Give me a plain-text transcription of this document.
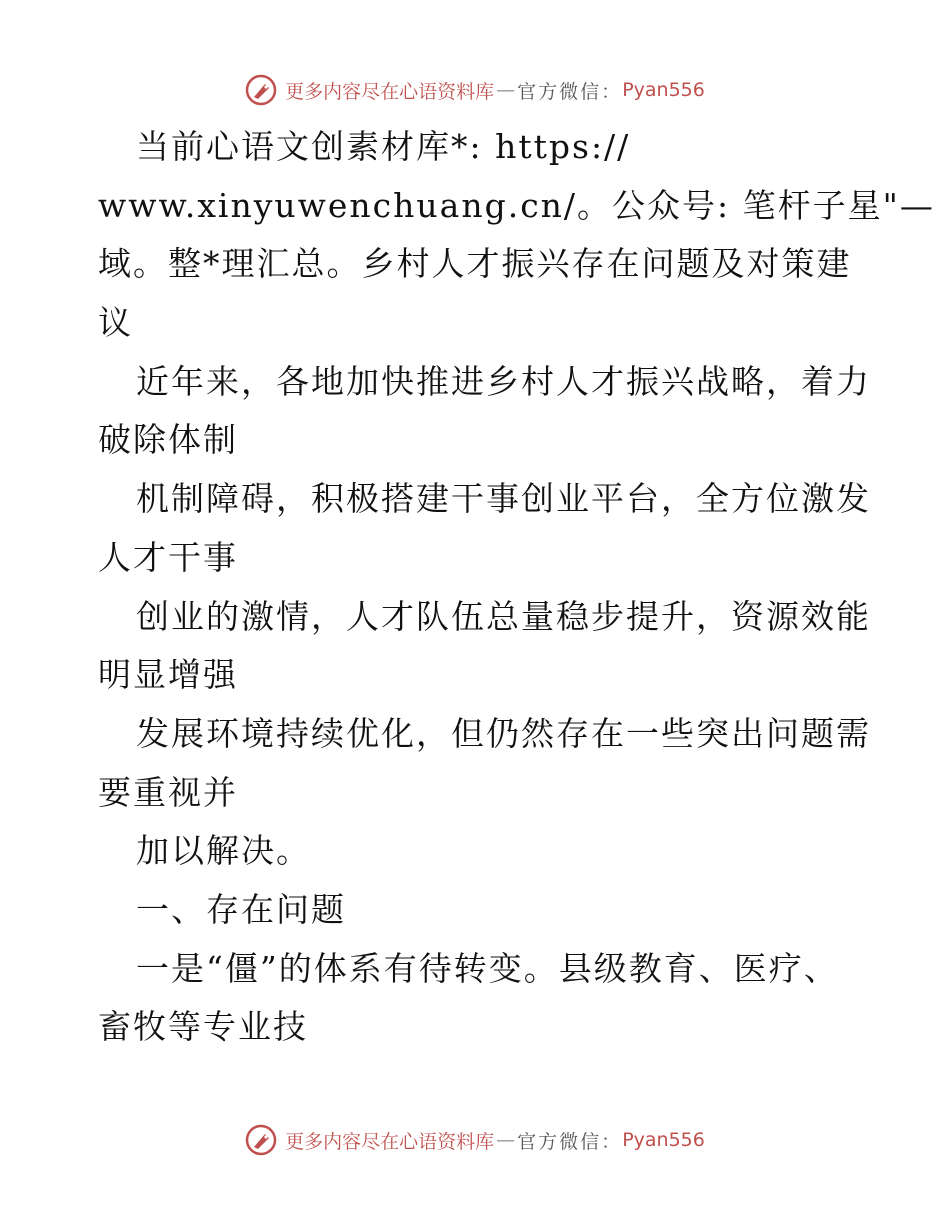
更多内容尽在心语资料库 — 官方微信： Pyan556
当前心语文创素材库*: https://
www.xinyuwenchuang.cn/。公众号: 笔杆子星"—
域。整*理汇总。乡村人才振兴存在问题及对策建
议
近年来，各地加快推进乡村人才振兴战略，着力
破除体制
机制障碍，积极搭建干事创业平台，全方位激发
人才干事
创业的激情，人才队伍总量稳步提升，资源效能
明显增强
发展环境持续优化，但仍然存在一些突出问题需
要重视并
加以解决。
一、存在问题
一是“僵”的体系有待转变。县级教育、医疗、
畜牧等专业技
更多内容尽在心语资料库 — 官方微信： Pyan556
